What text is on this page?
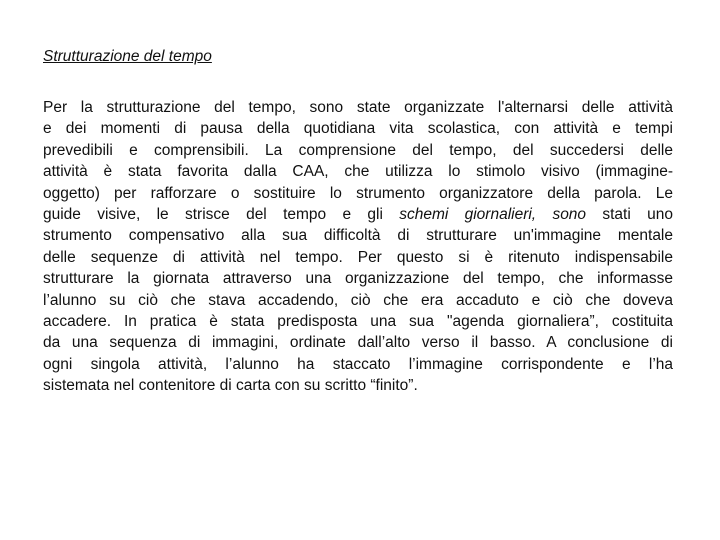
Strutturazione del tempo
Per la strutturazione del tempo, sono state organizzate l'alternarsi delle attività
e dei momenti di pausa della quotidiana vita scolastica, con attività e tempi
prevedibili e comprensibili. La comprensione del tempo, del succedersi delle
attività è stata favorita dalla CAA, che utilizza lo stimolo visivo (immagine-
oggetto) per rafforzare o sostituire lo strumento organizzatore della parola. Le
guide visive, le strisce del tempo e gli schemi giornalieri, sono stati uno
strumento compensativo alla sua difficoltà di strutturare un'immagine mentale
delle sequenze di attività nel tempo. Per questo si è ritenuto indispensabile
strutturare la giornata attraverso una organizzazione del tempo, che informasse
l’alunno su ciò che stava accadendo, ciò che era accaduto e ciò che doveva
accadere. In pratica è stata predisposta una sua "agenda giornaliera”, costituita
da una sequenza di immagini, ordinate dall’alto verso il basso. A conclusione di
ogni singola attività, l’alunno ha staccato l’immagine corrispondente e l’ha
sistemata nel contenitore di carta con su scritto “finito”.
